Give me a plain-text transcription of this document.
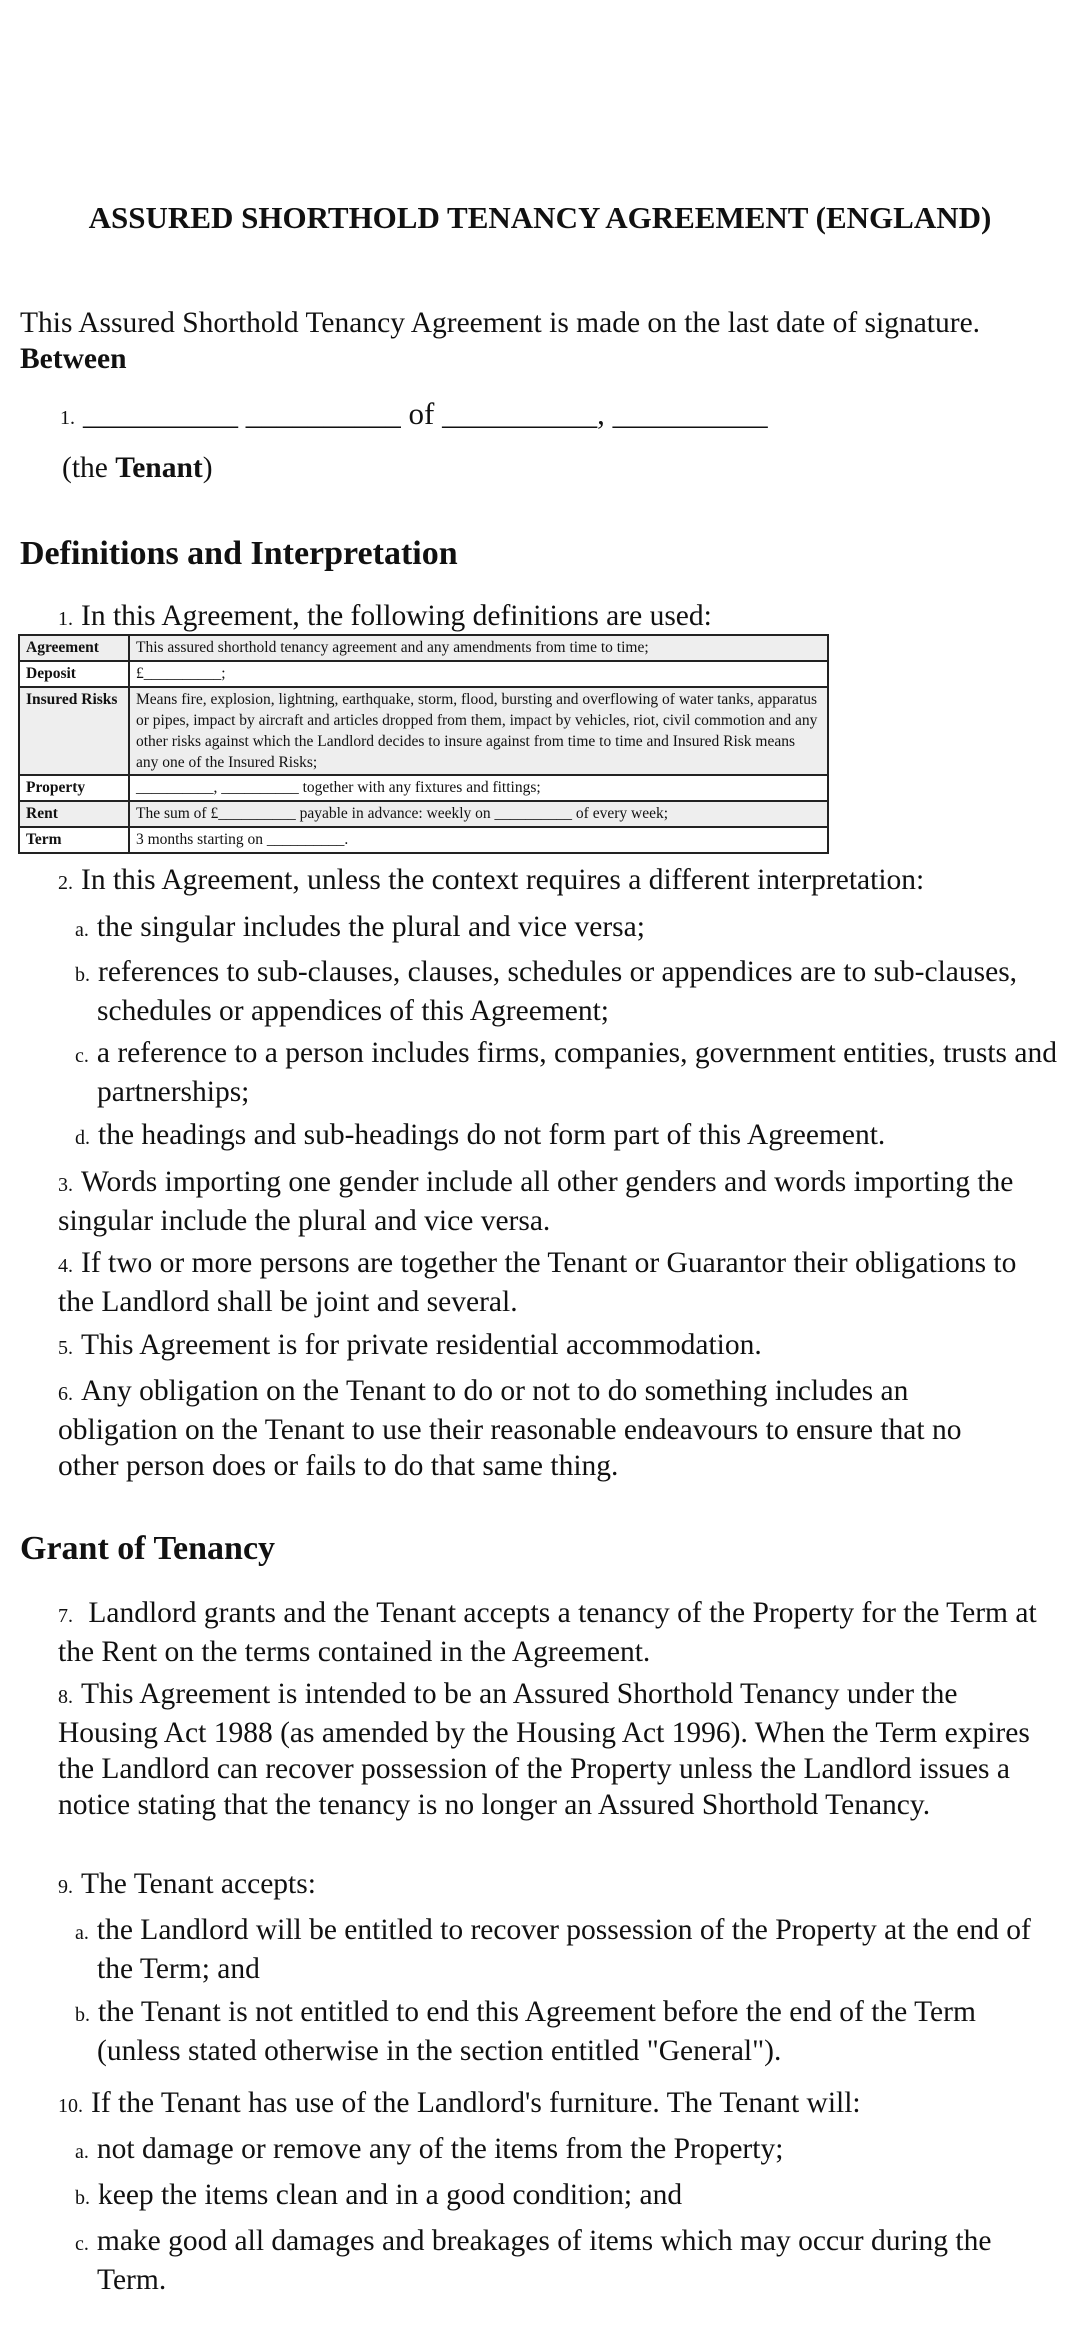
ASSURED SHORTHOLD TENANCY AGREEMENT (ENGLAND)
This Assured Shorthold Tenancy Agreement is made on the last date of signature.
Between
1. __________ __________ of __________, __________
(the Tenant)
Definitions and Interpretation
1. In this Agreement, the following definitions are used:
Agreement	This assured shorthold tenancy agreement and any amendments from time to time;
Deposit	£__________;
Insured Risks	Means fire, explosion, lightning, earthquake, storm, flood, bursting and overflowing of water tanks, apparatus or pipes, impact by aircraft and articles dropped from them, impact by vehicles, riot, civil commotion and any other risks against which the Landlord decides to insure against from time to time and Insured Risk means any one of the Insured Risks;
Property	__________, __________ together with any fixtures and fittings;
Rent	The sum of £__________ payable in advance: weekly on __________ of every week;
Term	3 months starting on __________.
2. In this Agreement, unless the context requires a different interpretation:
a. the singular includes the plural and vice versa;
b. references to sub-clauses, clauses, schedules or appendices are to sub-clauses, schedules or appendices of this Agreement;
c. a reference to a person includes firms, companies, government entities, trusts and partnerships;
d. the headings and sub-headings do not form part of this Agreement.
3. Words importing one gender include all other genders and words importing the singular include the plural and vice versa.
4. If two or more persons are together the Tenant or Guarantor their obligations to the Landlord shall be joint and several.
5. This Agreement is for private residential accommodation.
6. Any obligation on the Tenant to do or not to do something includes an obligation on the Tenant to use their reasonable endeavours to ensure that no other person does or fails to do that same thing.
Grant of Tenancy
7. Landlord grants and the Tenant accepts a tenancy of the Property for the Term at the Rent on the terms contained in the Agreement.
8. This Agreement is intended to be an Assured Shorthold Tenancy under the Housing Act 1988 (as amended by the Housing Act 1996). When the Term expires the Landlord can recover possession of the Property unless the Landlord issues a notice stating that the tenancy is no longer an Assured Shorthold Tenancy.
9. The Tenant accepts:
a. the Landlord will be entitled to recover possession of the Property at the end of the Term; and
b. the Tenant is not entitled to end this Agreement before the end of the Term (unless stated otherwise in the section entitled "General").
10. If the Tenant has use of the Landlord's furniture. The Tenant will:
a. not damage or remove any of the items from the Property;
b. keep the items clean and in a good condition; and
c. make good all damages and breakages of items which may occur during the Term.
